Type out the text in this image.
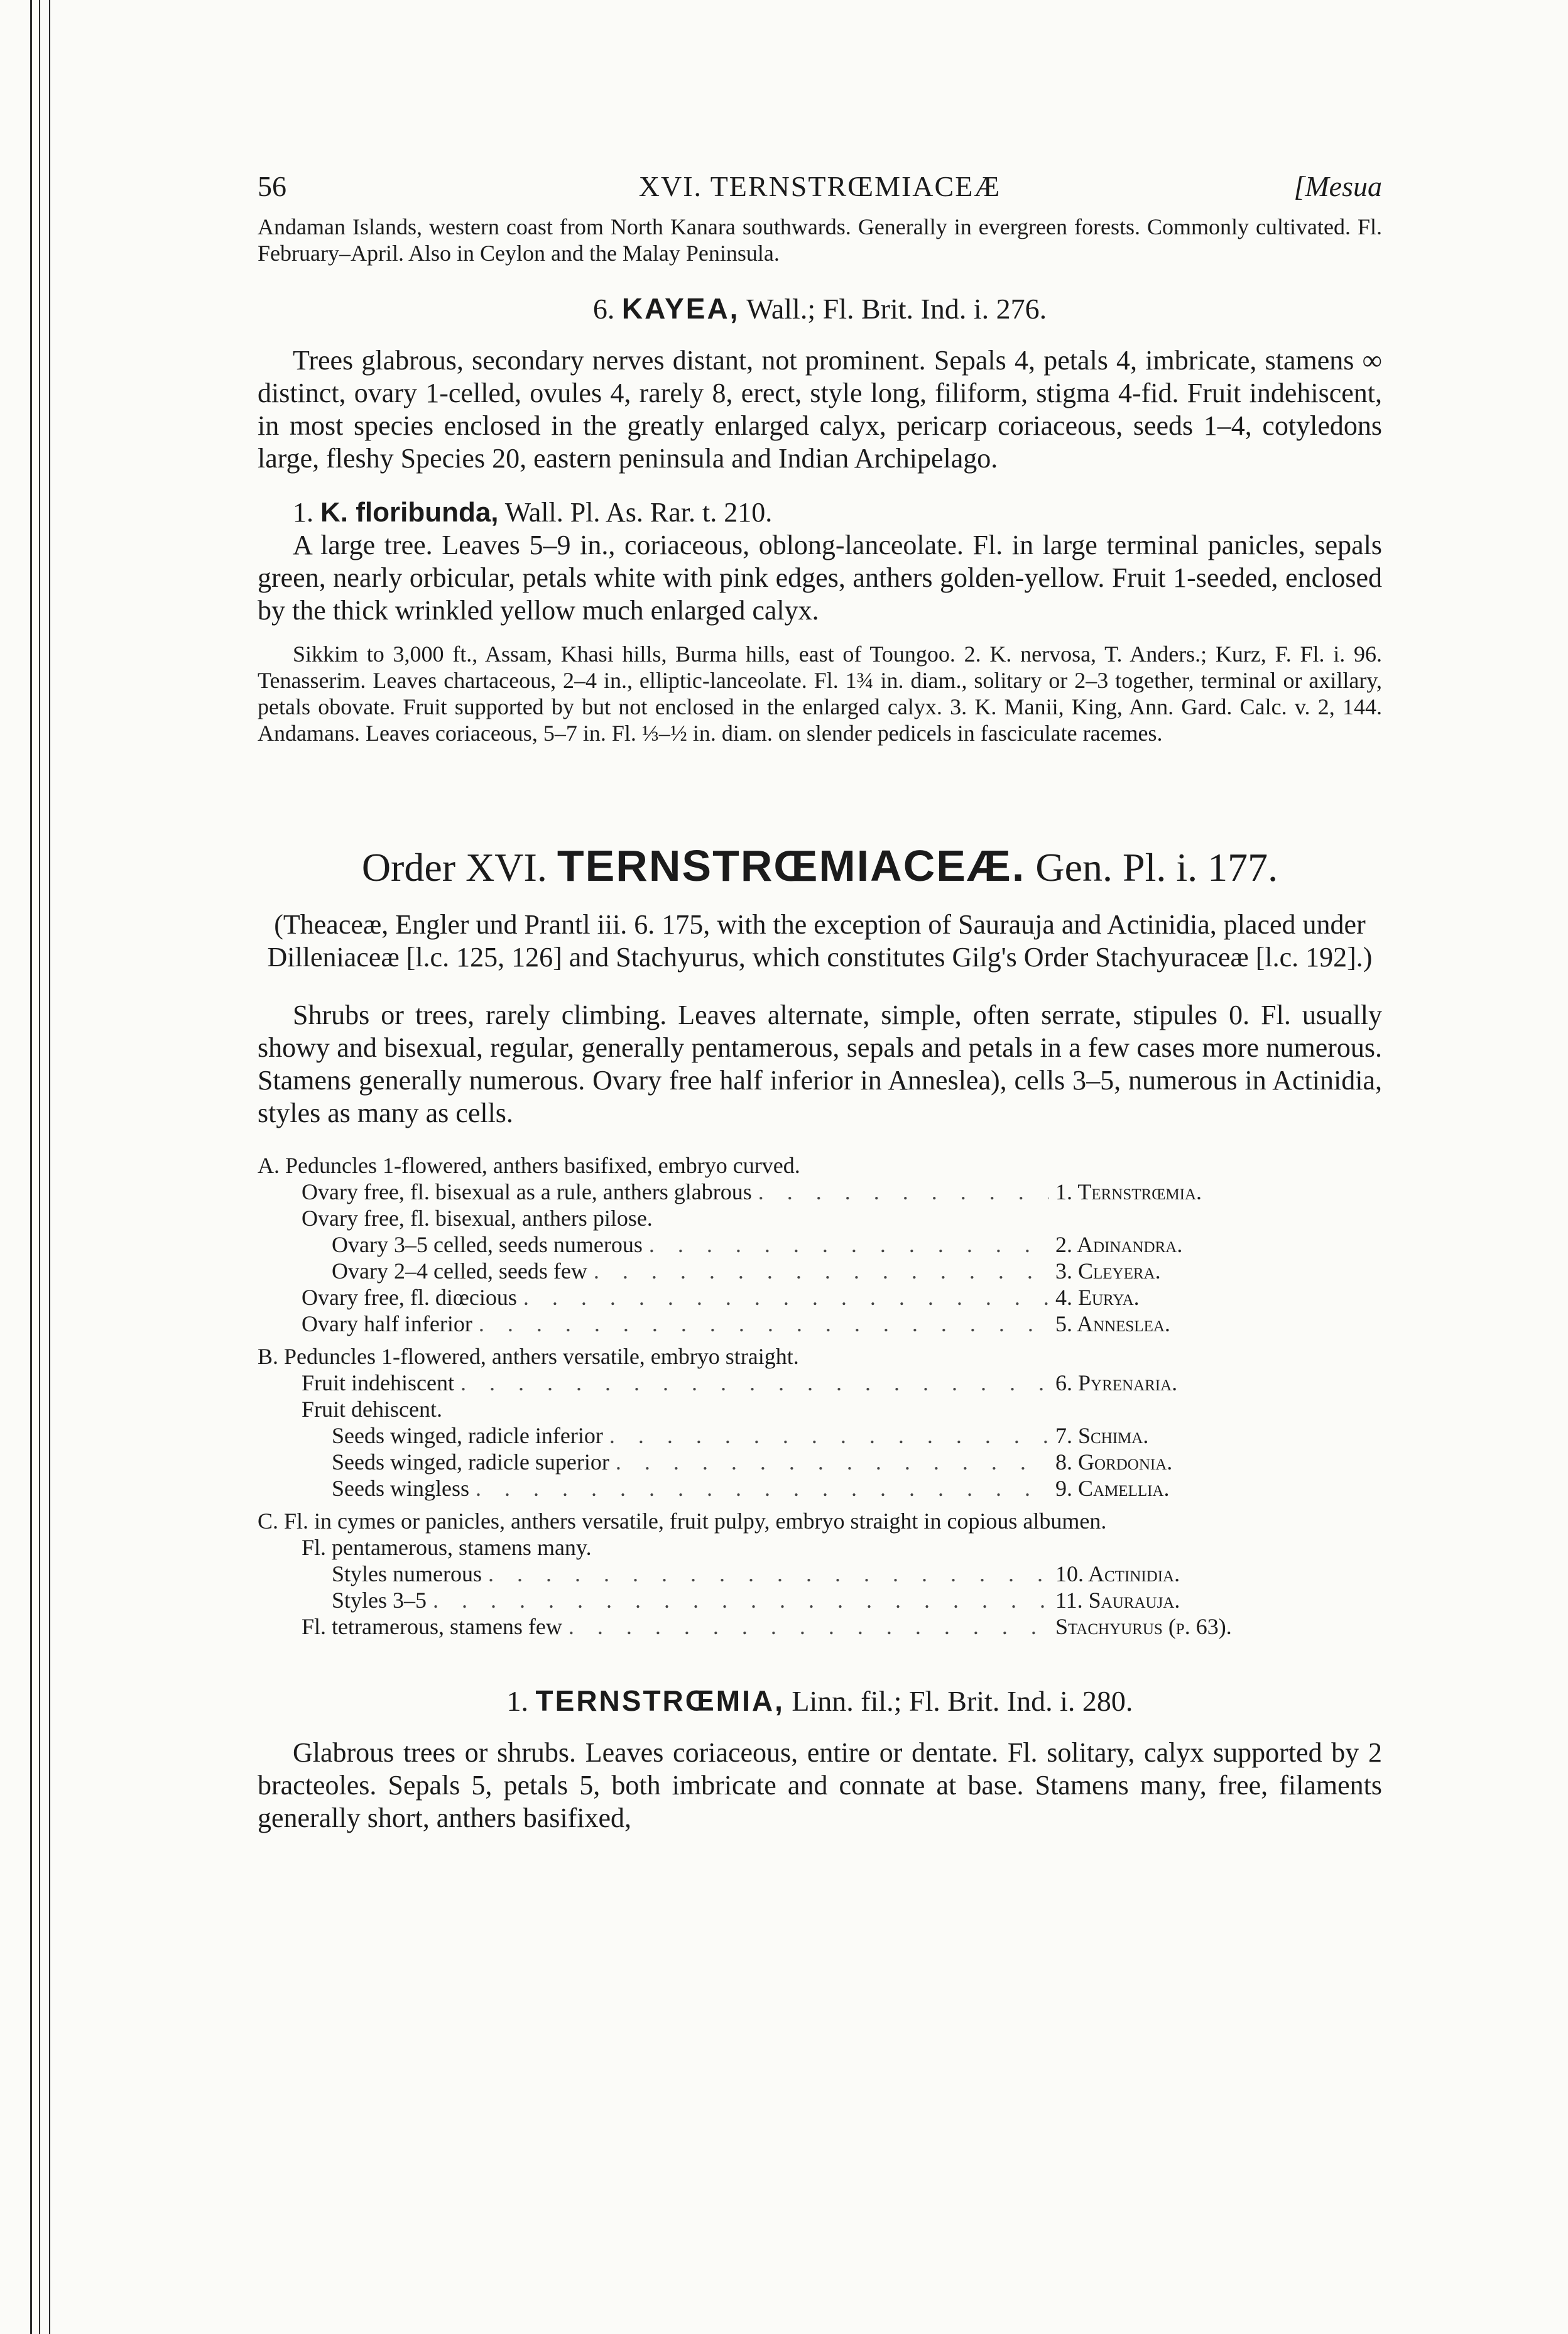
56	XVI. TERNSTRŒMIACEÆ	[Mesua

Andaman Islands, western coast from North Kanara southwards. Generally in evergreen forests. Commonly cultivated. Fl. February–April. Also in Ceylon and the Malay Peninsula.

6. KAYEA, Wall.; Fl. Brit. Ind. i. 276.

Trees glabrous, secondary nerves distant, not prominent. Sepals 4, petals 4, imbricate, stamens ∞ distinct, ovary 1-celled, ovules 4, rarely 8, erect, style long, filiform, stigma 4-fid. Fruit indehiscent, in most species enclosed in the greatly enlarged calyx, pericarp coriaceous, seeds 1–4, cotyledons large, fleshy Species 20, eastern peninsula and Indian Archipelago.

1. K. floribunda, Wall. Pl. As. Rar. t. 210.

A large tree. Leaves 5–9 in., coriaceous, oblong-lanceolate. Fl. in large terminal panicles, sepals green, nearly orbicular, petals white with pink edges, anthers golden-yellow. Fruit 1-seeded, enclosed by the thick wrinkled yellow much enlarged calyx.

Sikkim to 3,000 ft., Assam, Khasi hills, Burma hills, east of Toungoo. 2. K. nervosa, T. Anders.; Kurz, F. Fl. i. 96. Tenasserim. Leaves chartaceous, 2–4 in., elliptic-lanceolate. Fl. 1¾ in. diam., solitary or 2–3 together, terminal or axillary, petals obovate. Fruit supported by but not enclosed in the enlarged calyx. 3. K. Manii, King, Ann. Gard. Calc. v. 2, 144. Andamans. Leaves coriaceous, 5–7 in. Fl. ⅓–½ in. diam. on slender pedicels in fasciculate racemes.

Order XVI. TERNSTRŒMIACEÆ. Gen. Pl. i. 177.

(Theaceæ, Engler und Prantl iii. 6. 175, with the exception of Saurauja and Actinidia, placed under Dilleniaceæ [l.c. 125, 126] and Stachyurus, which constitutes Gilg's Order Stachyuraceæ [l.c. 192].)

Shrubs or trees, rarely climbing. Leaves alternate, simple, often serrate, stipules 0. Fl. usually showy and bisexual, regular, generally pentamerous, sepals and petals in a few cases more numerous. Stamens generally numerous. Ovary free half inferior in Anneslea), cells 3–5, numerous in Actinidia, styles as many as cells.

A. Peduncles 1-flowered, anthers basifixed, embryo curved.
Ovary free, fl. bisexual as a rule, anthers glabrous . . .	1. Ternstrœmia.
Ovary free, fl. bisexual, anthers pilose.
Ovary 3–5 celled, seeds numerous . . .	2. Adinandra.
Ovary 2–4 celled, seeds few . . .	3. Cleyera.
Ovary free, fl. diœcious . . .	4. Eurya.
Ovary half inferior . . .	5. Anneslea.
B. Peduncles 1-flowered, anthers versatile, embryo straight.
Fruit indehiscent . . .	6. Pyrenaria.
Fruit dehiscent.
Seeds winged, radicle inferior . . .	7. Schima.
Seeds winged, radicle superior . . .	8. Gordonia.
Seeds wingless . . .	9. Camellia.
C. Fl. in cymes or panicles, anthers versatile, fruit pulpy, embryo straight in copious albumen.
Fl. pentamerous, stamens many.
Styles numerous . . .	10. Actinidia.
Styles 3–5 . . .	11. Saurauja.
Fl. tetramerous, stamens few . . .	Stachyurus (p. 63).
1. TERNSTRŒMIA, Linn. fil.; Fl. Brit. Ind. i. 280.

Glabrous trees or shrubs. Leaves coriaceous, entire or dentate. Fl. solitary, calyx supported by 2 bracteoles. Sepals 5, petals 5, both imbricate and connate at base. Stamens many, free, filaments generally short, anthers basifixed,
